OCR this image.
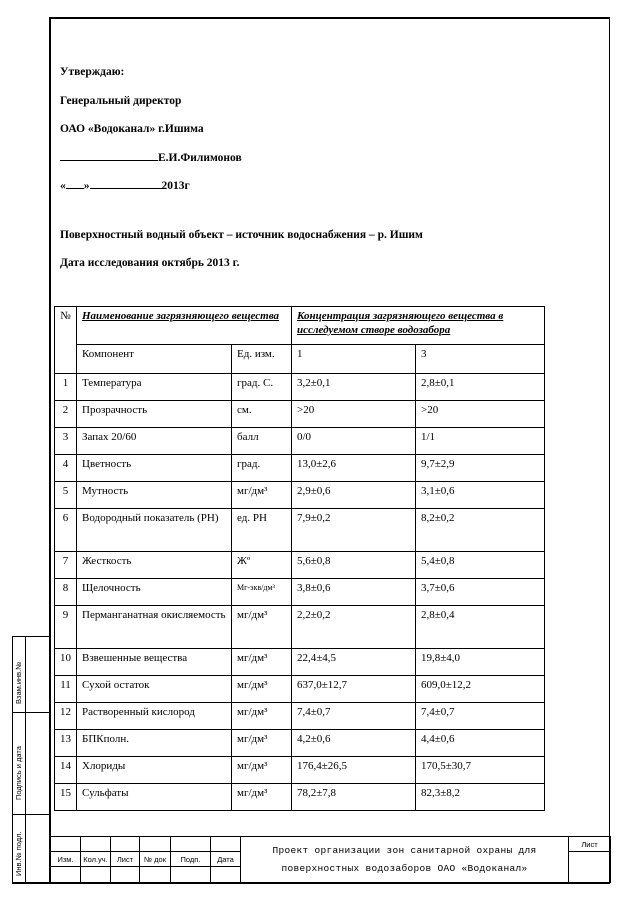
Утверждаю:
Генеральный директор
ОАО «Водоканал» г.Ишима
Е.И.Филимонов
« »	2013г
Поверхностный водный объект – источник водоснабжения – р. Ишим
Дата исследования октябрь 2013 г.
№	Наименование загрязняющего вещества		Концентрация загрязняющего вещества в исследуемом створе водозабора	
	Компонент	Ед. изм.	1	3
1	Температура	град. С.	3,2±0,1	2,8±0,1
2	Прозрачность	см.	>20	>20
3	Запах 20/60	балл	0/0	1/1
4	Цветность	град.	13,0±2,6	9,7±2,9
5	Мутность	мг/дм³	2,9±0,6	3,1±0,6
6	Водородный показатель (PH)	ед. PH	7,9±0,2	8,2±0,2
7	Жесткость	Жº	5,6±0,8	5,4±0,8
8	Щелочность	Мг-экв/дм³	3,8±0,6	3,7±0,6
9	Перманганатная окисляемость	мг/дм³	2,2±0,2	2,8±0,4
10	Взвешенные вещества	мг/дм³	22,4±4,5	19,8±4,0
11	Сухой остаток	мг/дм³	637,0±12,7	609,0±12,2
12	Растворенный кислород	мг/дм³	7,4±0,7	7,4±0,7
13	БПКполн.	мг/дм³	4,2±0,6	4,4±0,6
14	Хлориды	мг/дм³	176,4±26,5	170,5±30,7
15	Сульфаты	мг/дм³	78,2±7,8	82,3±8,2
Взам.инв.№
Подпись и дата
Инв.№ подл.
							Проект организации зон санитарной охраны для поверхностных водозаборов ОАО «Водоканал»	Лист
Изм.	Кол.уч.	Лист	№ док	Подп.	Дата		
